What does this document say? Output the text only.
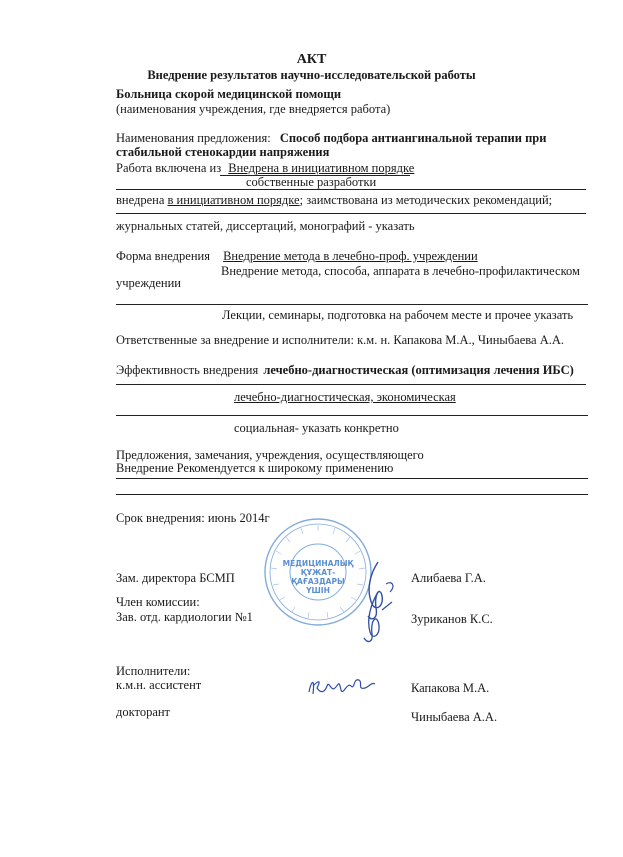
АКТ
Внедрение результатов научно-исследовательской работы
Больница скорой медицинской помощи
(наименования учреждения, где внедряется работа)
Наименования предложения: Способ подбора антиангинальной терапии при
стабильной стенокардии напряжения
Работа включена из Внедрена в инициативном порядке
собственные разработки
внедрена в инициативном порядке; заимствована из методических рекомендаций;
журнальных статей, диссертаций, монографий - указать
Форма внедрения Внедрение метода в лечебно-проф. учреждении
Внедрение метода, способа, аппарата в лечебно-профилактическом
учреждении
Лекции, семинары, подготовка на рабочем месте и прочее указать
Ответственные за внедрение и исполнители: к.м. н. Капакова М.А., Чиныбаева А.А.
Эффективность внедрения лечебно-диагностическая (оптимизация лечения ИБС)
лечебно-диагностическая, экономическая
социальная- указать конкретно
Предложения, замечания, учреждения, осуществляющего
Внедрение Рекомендуется к широкому применению
Срок внедрения: июнь 2014г
МЕДИЦИНАЛЫҚ
ҚҰЖАТ-
ҚАҒАЗДАРЫ
ҮШІН
Зам. директора БСМП	Алибаева Г.А.
Член комиссии:
Зав. отд. кардиологии №1	Зуриканов К.С.
Исполнители:
к.м.н. ассистент	Капакова М.А.
докторант	Чиныбаева А.А.
